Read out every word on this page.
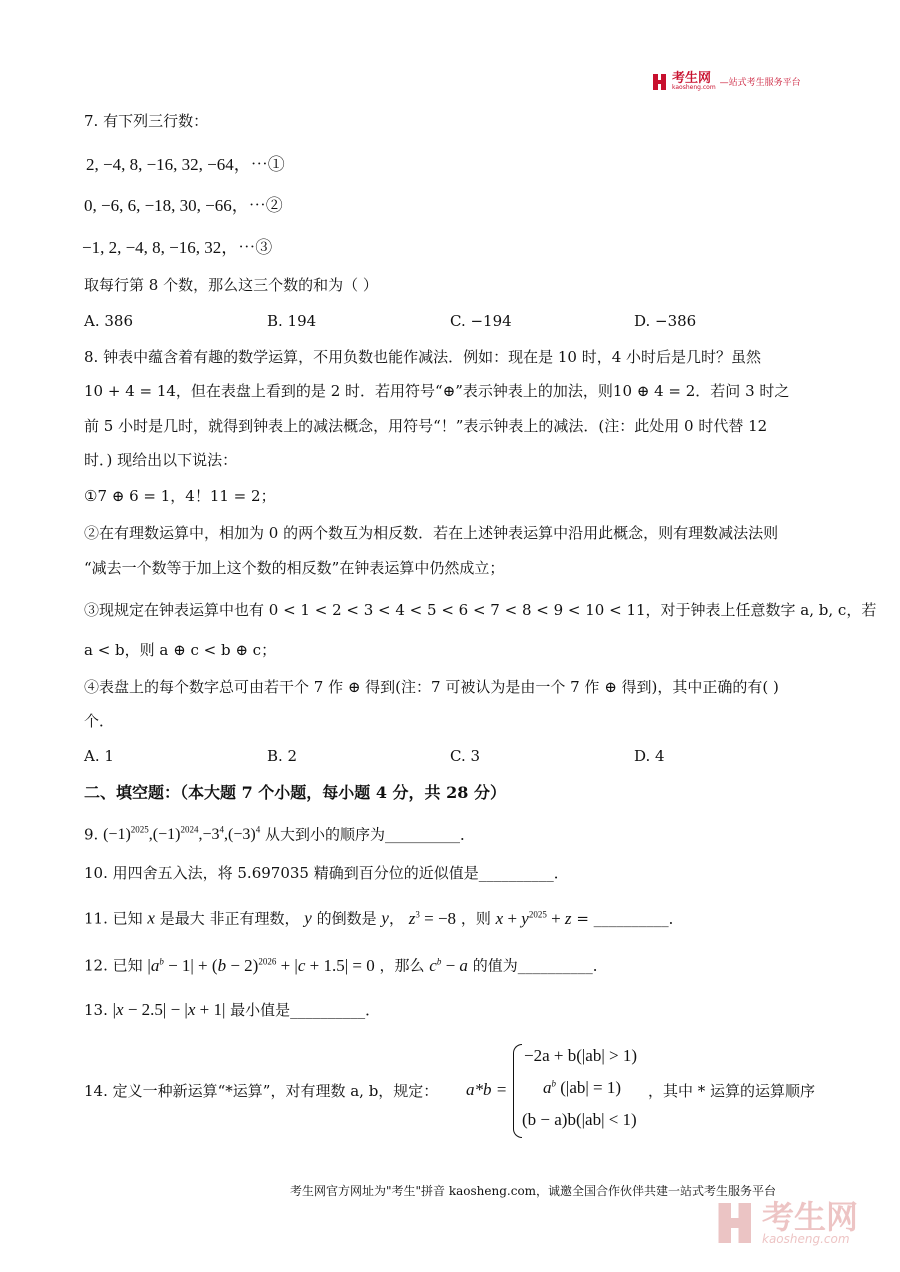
考生网
kaosheng.com —站式考生服务平台
7. 有下列三行数：
2, −4, 8, −16, 32, −64，⋯①
0, −6, 6, −18, 30, −66，⋯②
−1, 2, −4, 8, −16, 32，⋯③
取每行第 8 个数，那么这三个数的和为（ ）
A. 386	B. 194	C. −194	D. −386
8. 钟表中蕴含着有趣的数学运算，不用负数也能作减法．例如：现在是 10 时，4 小时后是几时？虽然
10 + 4 = 14，但在表盘上看到的是 2 时．若用符号“⊕”表示钟表上的加法，则10 ⊕ 4 = 2．若问 3 时之
前 5 小时是几时，就得到钟表上的减法概念，用符号“！”表示钟表上的减法．(注：此处用 0 时代替 12
时．) 现给出以下说法：
①7 ⊕ 6 = 1，4！11 = 2；
②在有理数运算中，相加为 0 的两个数互为相反数．若在上述钟表运算中沿用此概念，则有理数减法法则
“减去一个数等于加上这个数的相反数”在钟表运算中仍然成立；
③现规定在钟表运算中也有 0 < 1 < 2 < 3 < 4 < 5 < 6 < 7 < 8 < 9 < 10 < 11，对于钟表上任意数字 a, b, c，若
a < b，则 a ⊕ c < b ⊕ c；
④表盘上的每个数字总可由若干个 7 作 ⊕ 得到(注：7 可被认为是由一个 7 作 ⊕ 得到)，其中正确的有( )
个．
A. 1	B. 2	C. 3	D. 4
二、填空题：（本大题 7 个小题，每小题 4 分，共 28 分）
9. $(-1)^{2025},(-1)^{2024},-3^4,(-3)^4$ 从大到小的顺序为__________．
10. 用四舍五入法，将 5.697035 精确到百分位的近似值是__________．
11. 已知 x 是最大 非正有理数， y 的倒数是 y， $z^3 = -8$ ，则 $x + y^{2025} + z$ = __________．
12. 已知 $|a^b - 1| + (b - 2)^{2026} + |c + 1.5| = 0$ ，那么 $c^b - a$ 的值为__________．
13. |x − 2.5| − |x + 1| 最小值是__________．
14. 定义一种新运算“*运算”，对有理数 a, b，规定： a*b =
−2a + b(|ab| > 1)
$a^b$ (|ab| = 1)
(b − a)b(|ab| < 1)
，其中 * 运算的运算顺序
考生网官方网址为"考生"拼音 kaosheng.com，诚邀全国合作伙伴共建一站式考生服务平台
考生网
kaosheng.com
